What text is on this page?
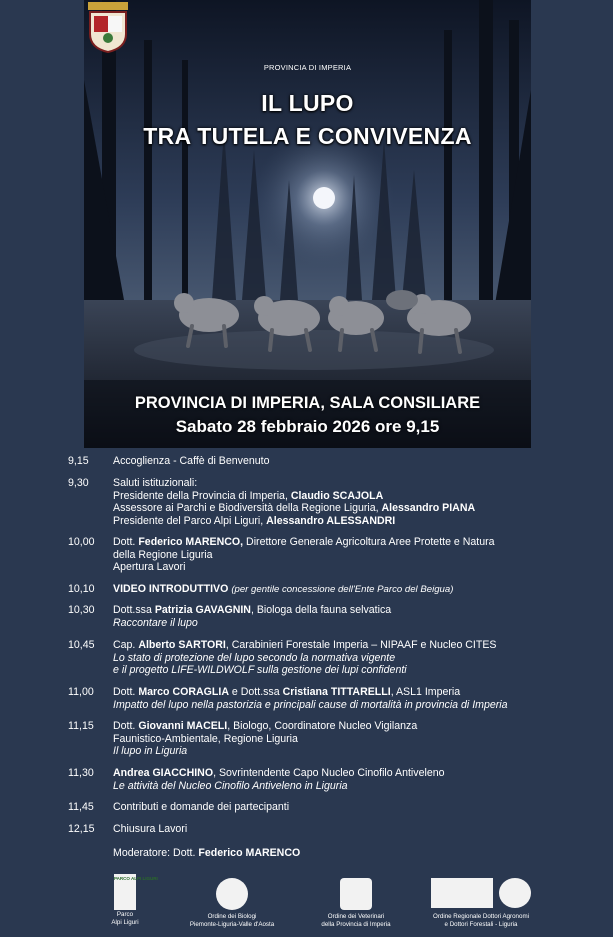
PROVINCIA DI IMPERIA
IL LUPO
TRA TUTELA E CONVIVENZA
PROVINCIA DI IMPERIA, SALA CONSILIARE
Sabato 28 febbraio 2026 ore 9,15
9,15	Accoglienza - Caffè di Benvenuto
9,30	Saluti istituzionali:
Presidente della Provincia di Imperia, Claudio SCAJOLA
Assessore ai Parchi e Biodiversità della Regione Liguria, Alessandro PIANA
Presidente del Parco Alpi Liguri, Alessandro ALESSANDRI
10,00	Dott. Federico MARENCO, Direttore Generale Agricoltura Aree Protette e Natura
della Regione Liguria
Apertura Lavori
10,10	VIDEO INTRODUTTIVO (per gentile concessione dell'Ente Parco del Beigua)
10,30	Dott.ssa Patrizia GAVAGNIN, Biologa della fauna selvatica
Raccontare il lupo
10,45	Cap. Alberto SARTORI, Carabinieri Forestale Imperia – NIPAAF e Nucleo CITES
Lo stato di protezione del lupo secondo la normativa vigente
e il progetto LIFE-WILDWOLF sulla gestione dei lupi confidenti
11,00	Dott. Marco CORAGLIA e Dott.ssa Cristiana TITTARELLI, ASL1 Imperia
Impatto del lupo nella pastorizia e principali cause di mortalità in provincia di Imperia
11,15	Dott. Giovanni MACELI, Biologo, Coordinatore Nucleo Vigilanza
Faunistico-Ambientale, Regione Liguria
Il lupo in Liguria
11,30	Andrea GIACCHINO, Sovrintendente Capo Nucleo Cinofilo Antiveleno
Le attività del Nucleo Cinofilo Antiveleno in Liguria
11,45	Contributi e domande dei partecipanti
12,15	Chiusura Lavori
Moderatore: Dott. Federico MARENCO
PARCO ALPI LIGURI
Parco
Alpi Liguri
Ordine dei Biologi
Piemonte-Liguria-Valle d'Aosta
Ordine dei Veterinari
della Provincia di Imperia
Ordine Regionale Dottori Agronomi
e Dottori Forestali - Liguria
